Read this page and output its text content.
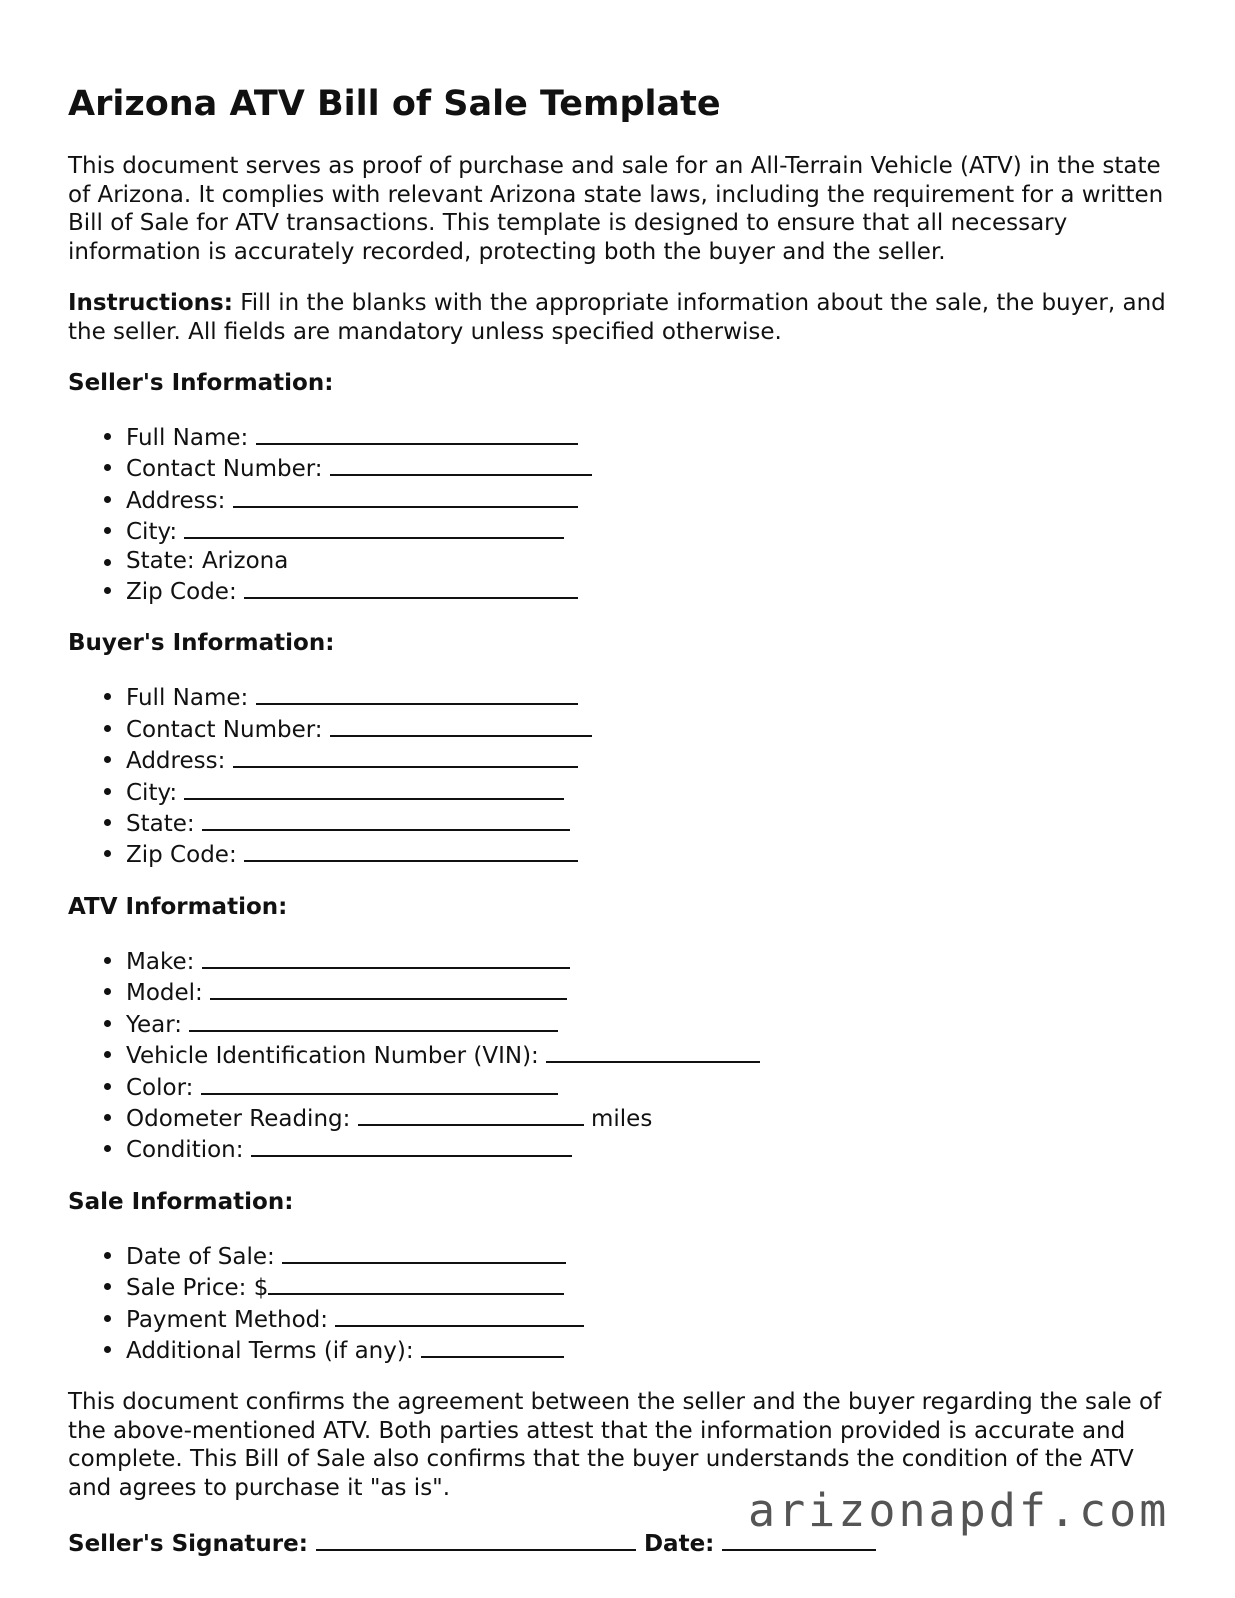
Arizona ATV Bill of Sale Template

This document serves as proof of purchase and sale for an All-Terrain Vehicle (ATV) in the state of Arizona. It complies with relevant Arizona state laws, including the requirement for a written Bill of Sale for ATV transactions. This template is designed to ensure that all necessary information is accurately recorded, protecting both the buyer and the seller.

Instructions: Fill in the blanks with the appropriate information about the sale, the buyer, and the seller. All fields are mandatory unless specified otherwise.

Seller's Information:
Full Name:
Contact Number:
Address:
City:
State: Arizona
Zip Code:
Buyer's Information:
Full Name:
Contact Number:
Address:
City:
State:
Zip Code:
ATV Information:
Make:
Model:
Year:
Vehicle Identification Number (VIN):
Color:
Odometer Reading:	miles
Condition:
Sale Information:
Date of Sale:
Sale Price: $
Payment Method:
Additional Terms (if any):

This document confirms the agreement between the seller and the buyer regarding the sale of the above-mentioned ATV. Both parties attest that the information provided is accurate and complete. This Bill of Sale also confirms that the buyer understands the condition of the ATV and agrees to purchase it "as is".

Seller's Signature:	Date:
arizonapdf.com
